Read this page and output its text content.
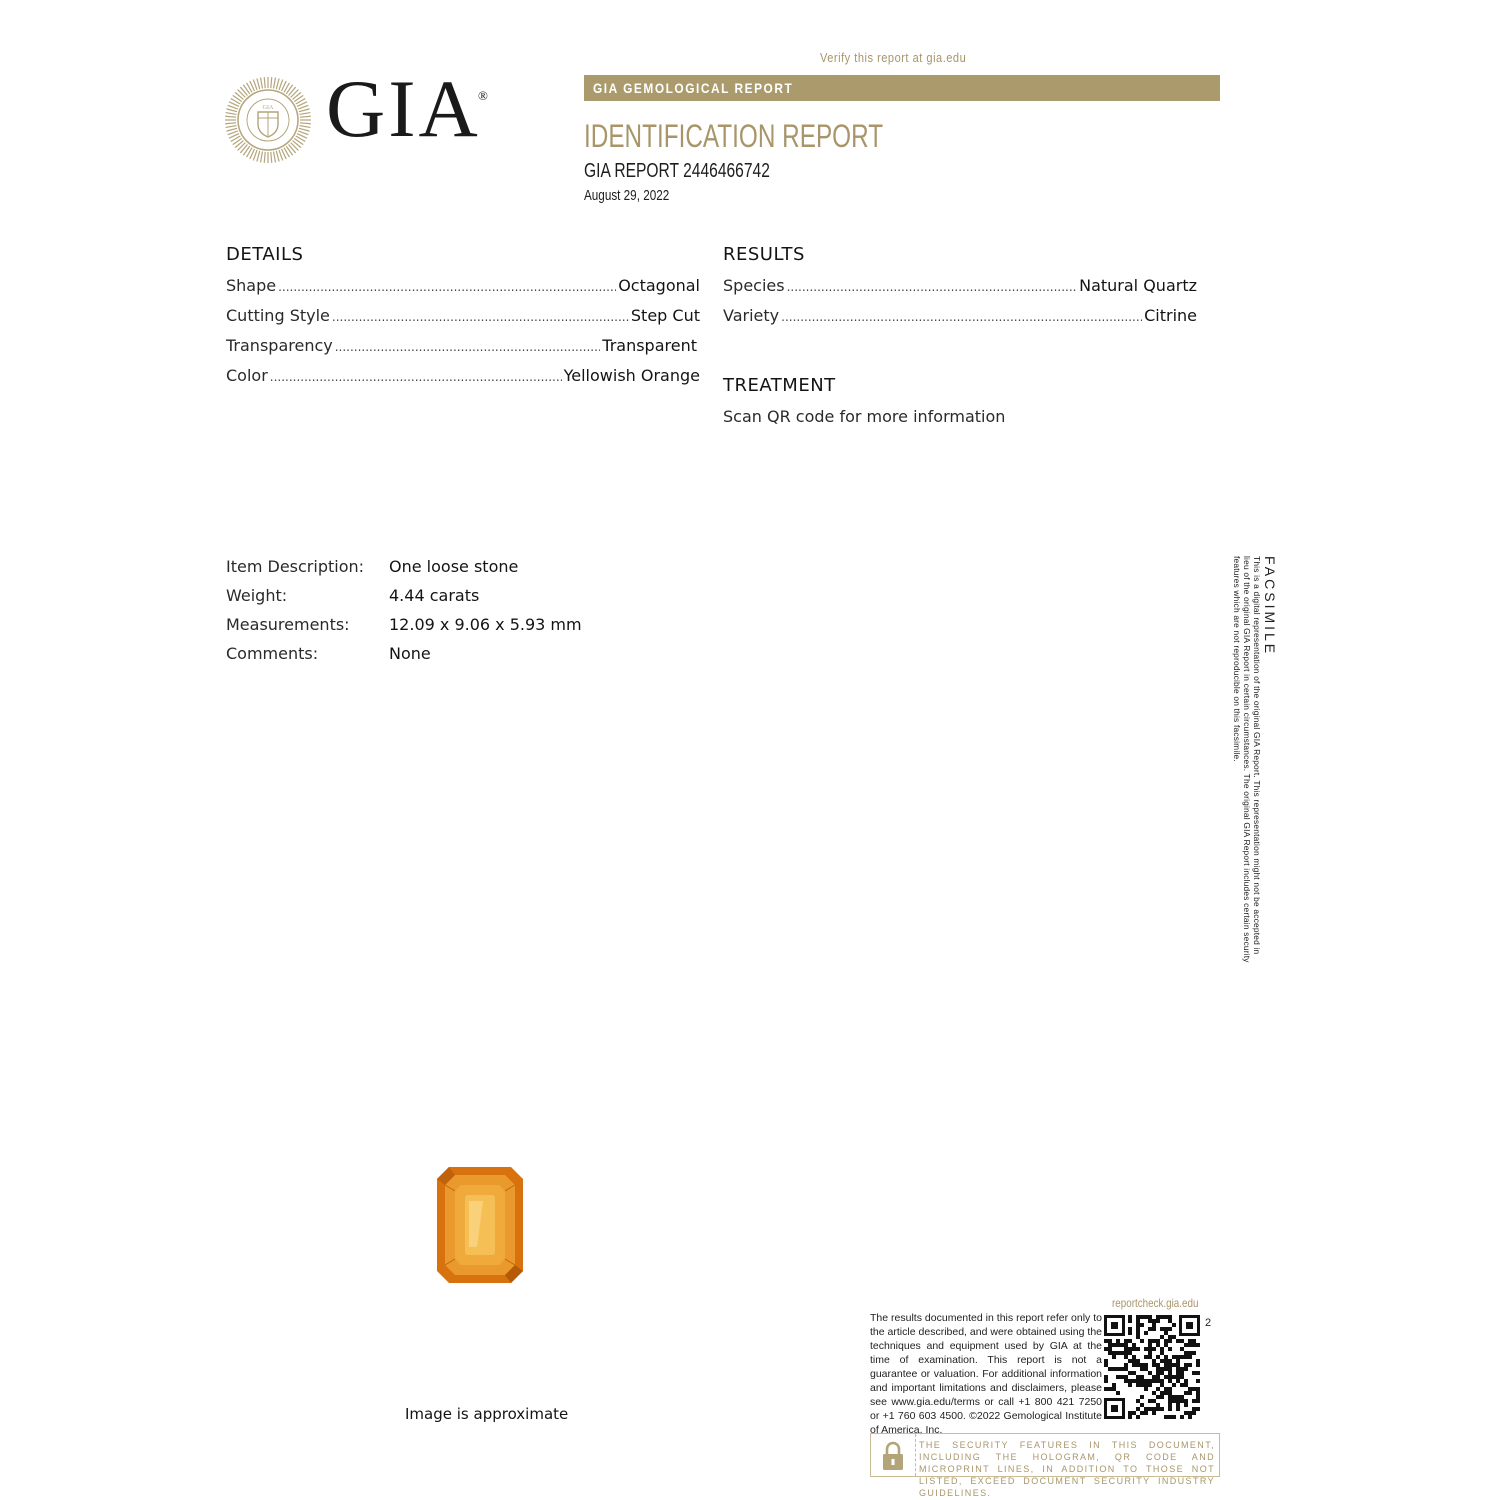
Verify this report at gia.edu
GIA GIA
®	GIA GEMOLOGICAL REPORT
IDENTIFICATION REPORT
GIA REPORT 2446466742
August 29, 2022
DETAILS
Shape .....	Octagonal
Cutting Style .....	Step Cut
Transparency .....	Transparent
Color .....	Yellowish Orange
RESULTS
Species .....	Natural Quartz
Variety .....	Citrine
TREATMENT
Scan QR code for more information
Item Description: One loose stone
Weight:	4.44 carats
Measurements: 12.09 x 9.06 x 5.93 mm
Comments:	None
Image is approximate
FACSIMILE
This is a digital representation of the original GIA Report. This representation might not be accepted in lieu of the original GIA Report in certain circumstances. The original GIA Report includes certain security features which are not reproducible on this facsimile.
reportcheck.gia.edu
The results documented in this report refer only to the article described, and were obtained using the techniques and equipment used by GIA at the time of examination. This report is not a guarantee or valuation. For additional information and important limitations and disclaimers, please see www.gia.edu/terms or call +1 800 421 7250 or +1 760 603 4500. ©2022 Gemological Institute of America, Inc.
2
THE SECURITY FEATURES IN THIS DOCUMENT, INCLUDING THE HOLOGRAM, QR CODE AND MICROPRINT LINES, IN ADDITION TO THOSE NOT LISTED, EXCEED DOCUMENT SECURITY INDUSTRY GUIDELINES.
